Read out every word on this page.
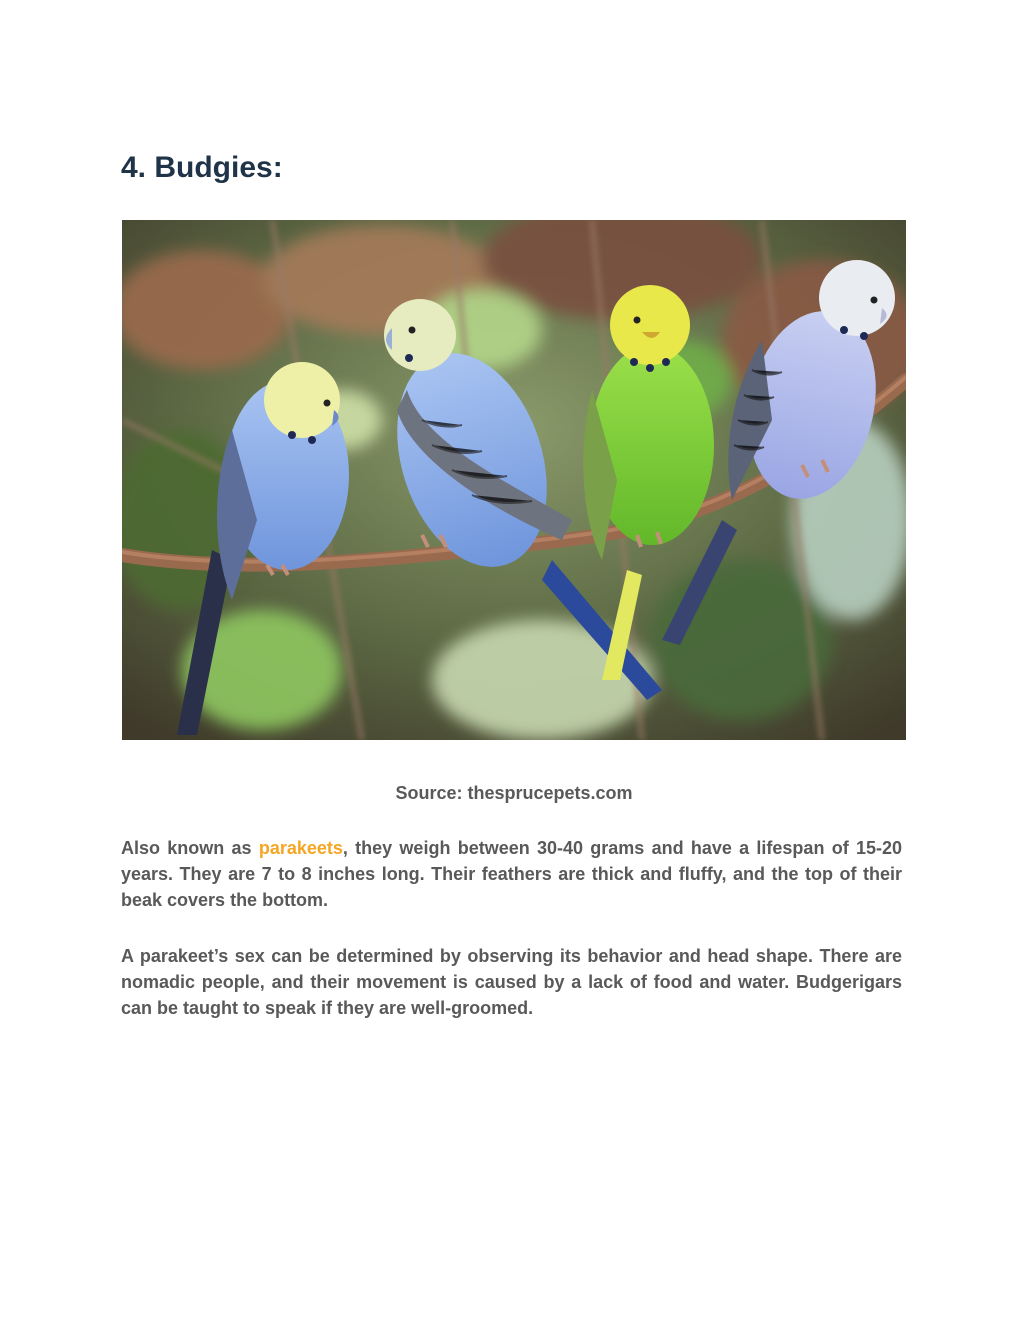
4. Budgies:
Source: thesprucepets.com

Also known as parakeets, they weigh between 30-40 grams and have a lifespan of 15-20 years. They are 7 to 8 inches long. Their feathers are thick and fluffy, and the top of their beak covers the bottom.

A parakeet’s sex can be determined by observing its behavior and head shape. There are nomadic people, and their movement is caused by a lack of food and water. Budgerigars can be taught to speak if they are well-groomed.
